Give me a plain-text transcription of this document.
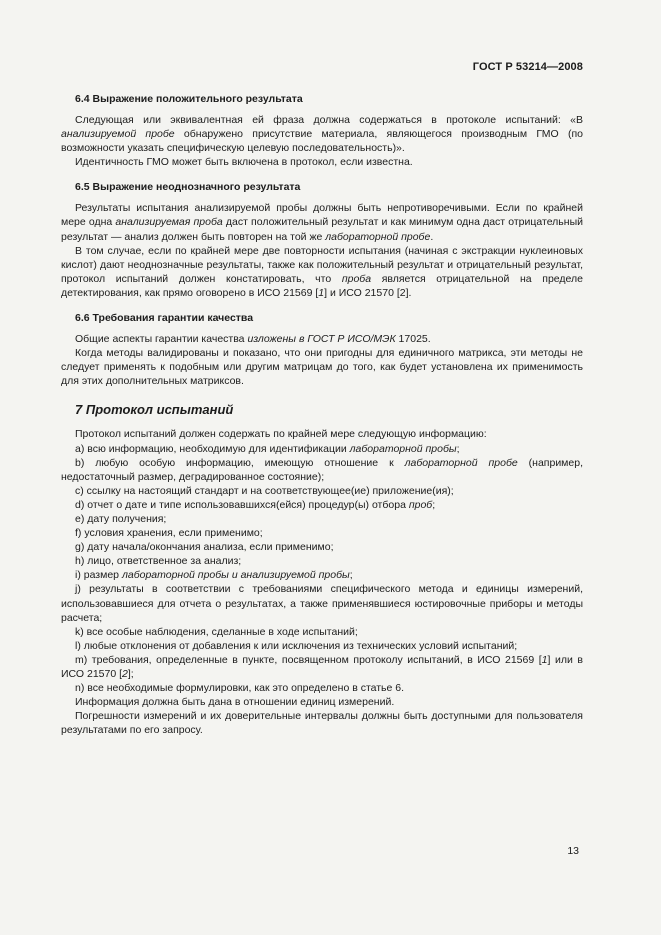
ГОСТ Р 53214—2008
6.4 Выражение положительного результата

Следующая или эквивалентная ей фраза должна содержаться в протоколе испытаний: «В анализируемой пробе обнаружено присутствие материала, являющегося производным ГМО (по возможности указать специфическую целевую последовательность)».

Идентичность ГМО может быть включена в протокол, если известна.

6.5 Выражение неоднозначного результата

Результаты испытания анализируемой пробы должны быть непротиворечивыми. Если по крайней мере одна анализируемая проба даст положительный результат и как минимум одна даст отрицательный результат — анализ должен быть повторен на той же лабораторной пробе.

В том случае, если по крайней мере две повторности испытания (начиная с экстракции нуклеиновых кислот) дают неоднозначные результаты, также как положительный результат и отрицательный результат, протокол испытаний должен констатировать, что проба является отрицательной на пределе детектирования, как прямо оговорено в ИСО 21569 [1] и ИСО 21570 [2].

6.6 Требования гарантии качества

Общие аспекты гарантии качества изложены в ГОСТ Р ИСО/МЭК 17025.

Когда методы валидированы и показано, что они пригодны для единичного матрикса, эти методы не следует применять к подобным или другим матрицам до того, как будет установлена их применимость для этих дополнительных матриксов.

7 Протокол испытаний

Протокол испытаний должен содержать по крайней мере следующую информацию:

a) всю информацию, необходимую для идентификации лабораторной пробы;

b) любую особую информацию, имеющую отношение к лабораторной пробе (например, недостаточный размер, деградированное состояние);

c) ссылку на настоящий стандарт и на соответствующее(ие) приложение(ия);

d) отчет о дате и типе использовавшихся(ейся) процедур(ы) отбора проб;

e) дату получения;

f) условия хранения, если применимо;

g) дату начала/окончания анализа, если применимо;

h) лицо, ответственное за анализ;

i) размер лабораторной пробы и анализируемой пробы;

j) результаты в соответствии с требованиями специфического метода и единицы измерений, использовавшиеся для отчета о результатах, а также применявшиеся юстировочные приборы и методы расчета;

k) все особые наблюдения, сделанные в ходе испытаний;

l) любые отклонения от добавления к или исключения из технических условий испытаний;

m) требования, определенные в пункте, посвященном протоколу испытаний, в ИСО 21569 [1] или в ИСО 21570 [2];

n) все необходимые формулировки, как это определено в статье 6.

Информация должна быть дана в отношении единиц измерений.

Погрешности измерений и их доверительные интервалы должны быть доступными для пользователя результатами по его запросу.

13
